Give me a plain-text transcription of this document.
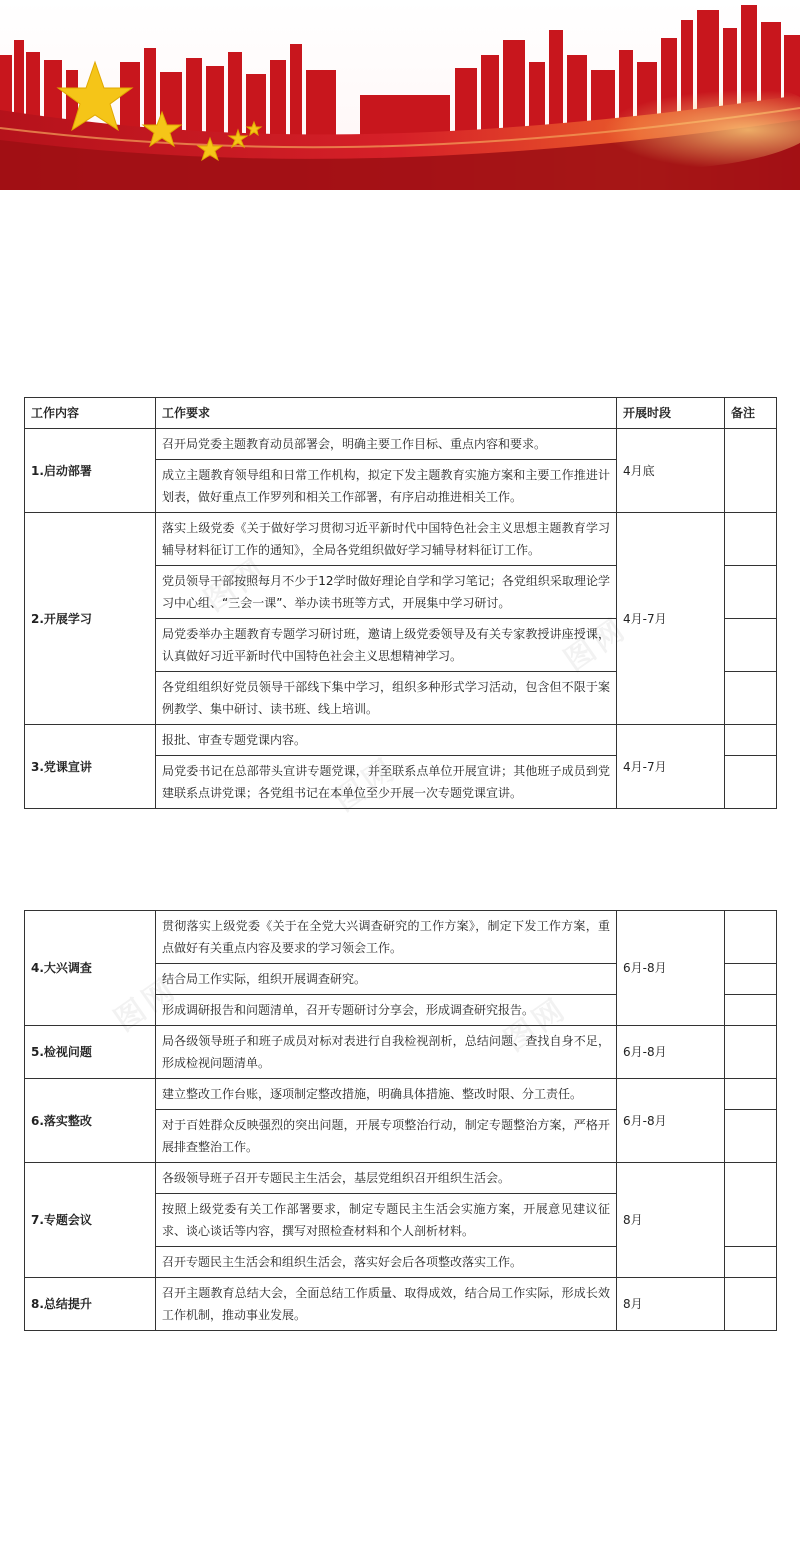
图网
图网
图网
图网	图网
工作内容	工作要求	开展时段	备注
1.启动部署	召开局党委主题教育动员部署会，明确主要工作目标、重点内容和要求。	4月底	
	成立主题教育领导组和日常工作机构，拟定下发主题教育实施方案和主要工作推进计划表，做好重点工作罗列和相关工作部署，有序启动推进相关工作。		
2.开展学习	落实上级党委《关于做好学习贯彻习近平新时代中国特色社会主义思想主题教育学习辅导材料征订工作的通知》，全局各党组织做好学习辅导材料征订工作。	4月-7月	
	党员领导干部按照每月不少于12学时做好理论自学和学习笔记；各党组织采取理论学习中心组、“三会一课”、举办读书班等方式，开展集中学习研讨。		
	局党委举办主题教育专题学习研讨班，邀请上级党委领导及有关专家教授讲座授课，认真做好习近平新时代中国特色社会主义思想精神学习。		
	各党组组织好党员领导干部线下集中学习，组织多种形式学习活动，包含但不限于案例教学、集中研讨、读书班、线上培训。		
3.党课宣讲	报批、审查专题党课内容。	4月-7月	
	局党委书记在总部带头宣讲专题党课，并至联系点单位开展宣讲；其他班子成员到党建联系点讲党课；各党组书记在本单位至少开展一次专题党课宣讲。		
4.大兴调查	贯彻落实上级党委《关于在全党大兴调查研究的工作方案》，制定下发工作方案，重点做好有关重点内容及要求的学习领会工作。	6月-8月	
	结合局工作实际，组织开展调查研究。		
	形成调研报告和问题清单，召开专题研讨分享会，形成调查研究报告。		
5.检视问题	局各级领导班子和班子成员对标对表进行自我检视剖析，总结问题、查找自身不足，形成检视问题清单。	6月-8月	
6.落实整改	建立整改工作台账，逐项制定整改措施，明确具体措施、整改时限、分工责任。	6月-8月	
	对于百姓群众反映强烈的突出问题，开展专项整治行动，制定专题整治方案，严格开展排查整治工作。		
7.专题会议	各级领导班子召开专题民主生活会，基层党组织召开组织生活会。	8月	
	按照上级党委有关工作部署要求，制定专题民主生活会实施方案，开展意见建议征求、谈心谈话等内容，撰写对照检查材料和个人剖析材料。		
	召开专题民主生活会和组织生活会，落实好会后各项整改落实工作。		
8.总结提升	召开主题教育总结大会，全面总结工作质量、取得成效，结合局工作实际，形成长效工作机制，推动事业发展。	8月	
